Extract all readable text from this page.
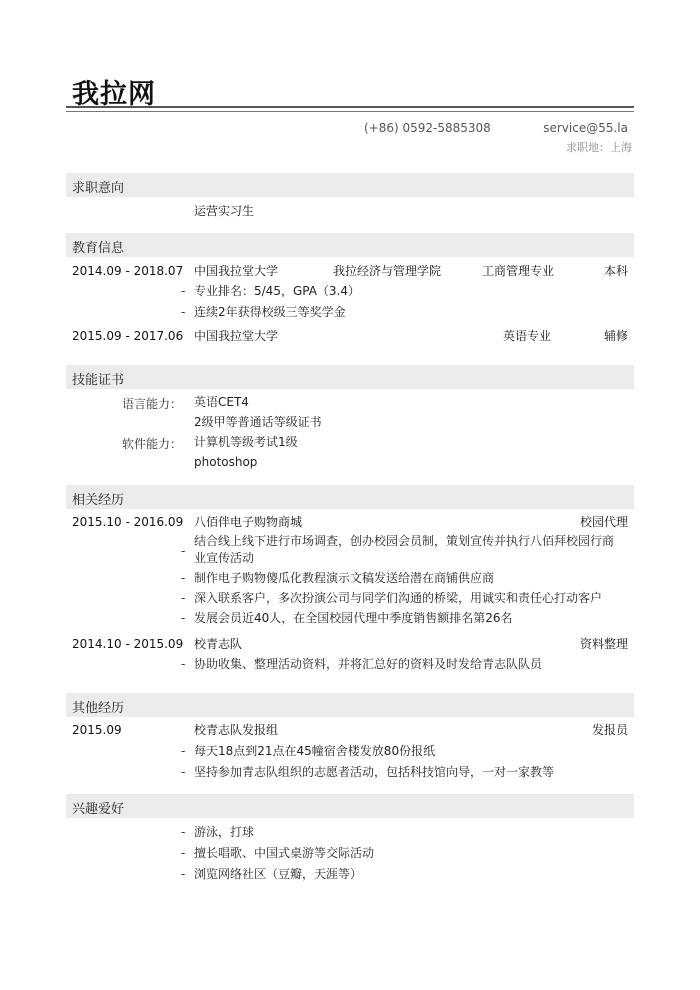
我拉网
(+86) 0592-5885308	service@55.la
求职地：上海
求职意向
运营实习生
教育信息
2014.09 - 2018.07 中国我拉堂大学	我拉经济与管理学院	工商管理专业	本科
- 专业排名：5/45，GPA（3.4）
- 连续2年获得校级三等奖学金
2015.09 - 2017.06 中国我拉堂大学	英语专业	辅修
技能证书
语言能力： 英语CET4
2级甲等普通话等级证书
软件能力： 计算机等级考试1级
photoshop
相关经历
2015.10 - 2016.09 八佰伴电子购物商城	校园代理
-
结合线上线下进行市场调查，创办校园会员制，策划宣传并执行八佰拜校园行商
业宣传活动
- 制作电子购物傻瓜化教程演示文稿发送给潜在商铺供应商
- 深入联系客户，多次扮演公司与同学们沟通的桥梁，用诚实和责任心打动客户
- 发展会员近40人，在全国校园代理中季度销售额排名第26名
2014.10 - 2015.09 校青志队	资料整理
- 协助收集、整理活动资料，并将汇总好的资料及时发给青志队队员
其他经历
2015.09	校青志队发报组	发报员
- 每天18点到21点在45幢宿舍楼发放80份报纸
- 坚持参加青志队组织的志愿者活动，包括科技馆向导，一对一家教等
兴趣爱好
- 游泳，打球
- 擅长唱歌、中国式桌游等交际活动
- 浏览网络社区（豆瓣，天涯等）
